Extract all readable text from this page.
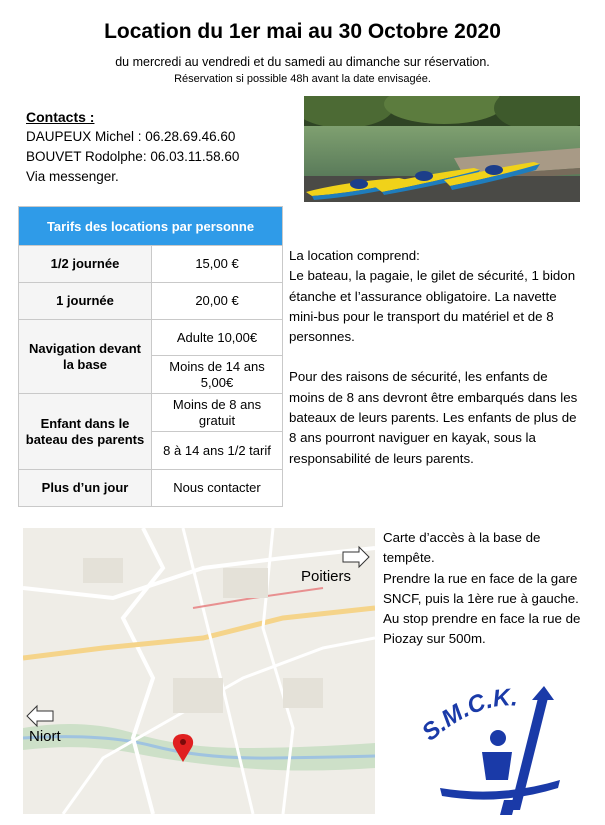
Location du 1er mai au 30 Octobre 2020
du mercredi au vendredi et du samedi au dimanche sur réservation.
Réservation si possible 48h avant la date envisagée.
Contacts :
DAUPEUX Michel : 06.28.69.46.60
BOUVET Rodolphe: 06.03.11.58.60
Via messenger.
Tarifs des locations par personne	
1/2 journée	15,00 €
1 journée	20,00 €
Navigation devant la base	Adulte 10,00€
	Moins de 14 ans 5,00€
Enfant dans le bateau des parents	Moins de 8 ans gratuit
	8 à 14 ans 1/2 tarif
Plus d’un jour	Nous contacter
La location comprend:
Le bateau, la pagaie, le gilet de sécurité, 1 bidon étanche et l’assurance obligatoire. La navette mini-bus pour le transport du matériel et de 8 personnes.
Pour des raisons de sécurité, les enfants de moins de 8 ans devront être embarqués dans les bateaux de leurs parents. Les enfants de plus de 8 ans pourront naviguer en kayak, sous la responsabilité de leurs parents.
Poitiers
Niort
Carte d’accès à la base de tempête.
Prendre la rue en face de la gare SNCF, puis la 1ère rue à gauche. Au stop prendre en face la rue de Piozay sur 500m.
.M.C.K.
